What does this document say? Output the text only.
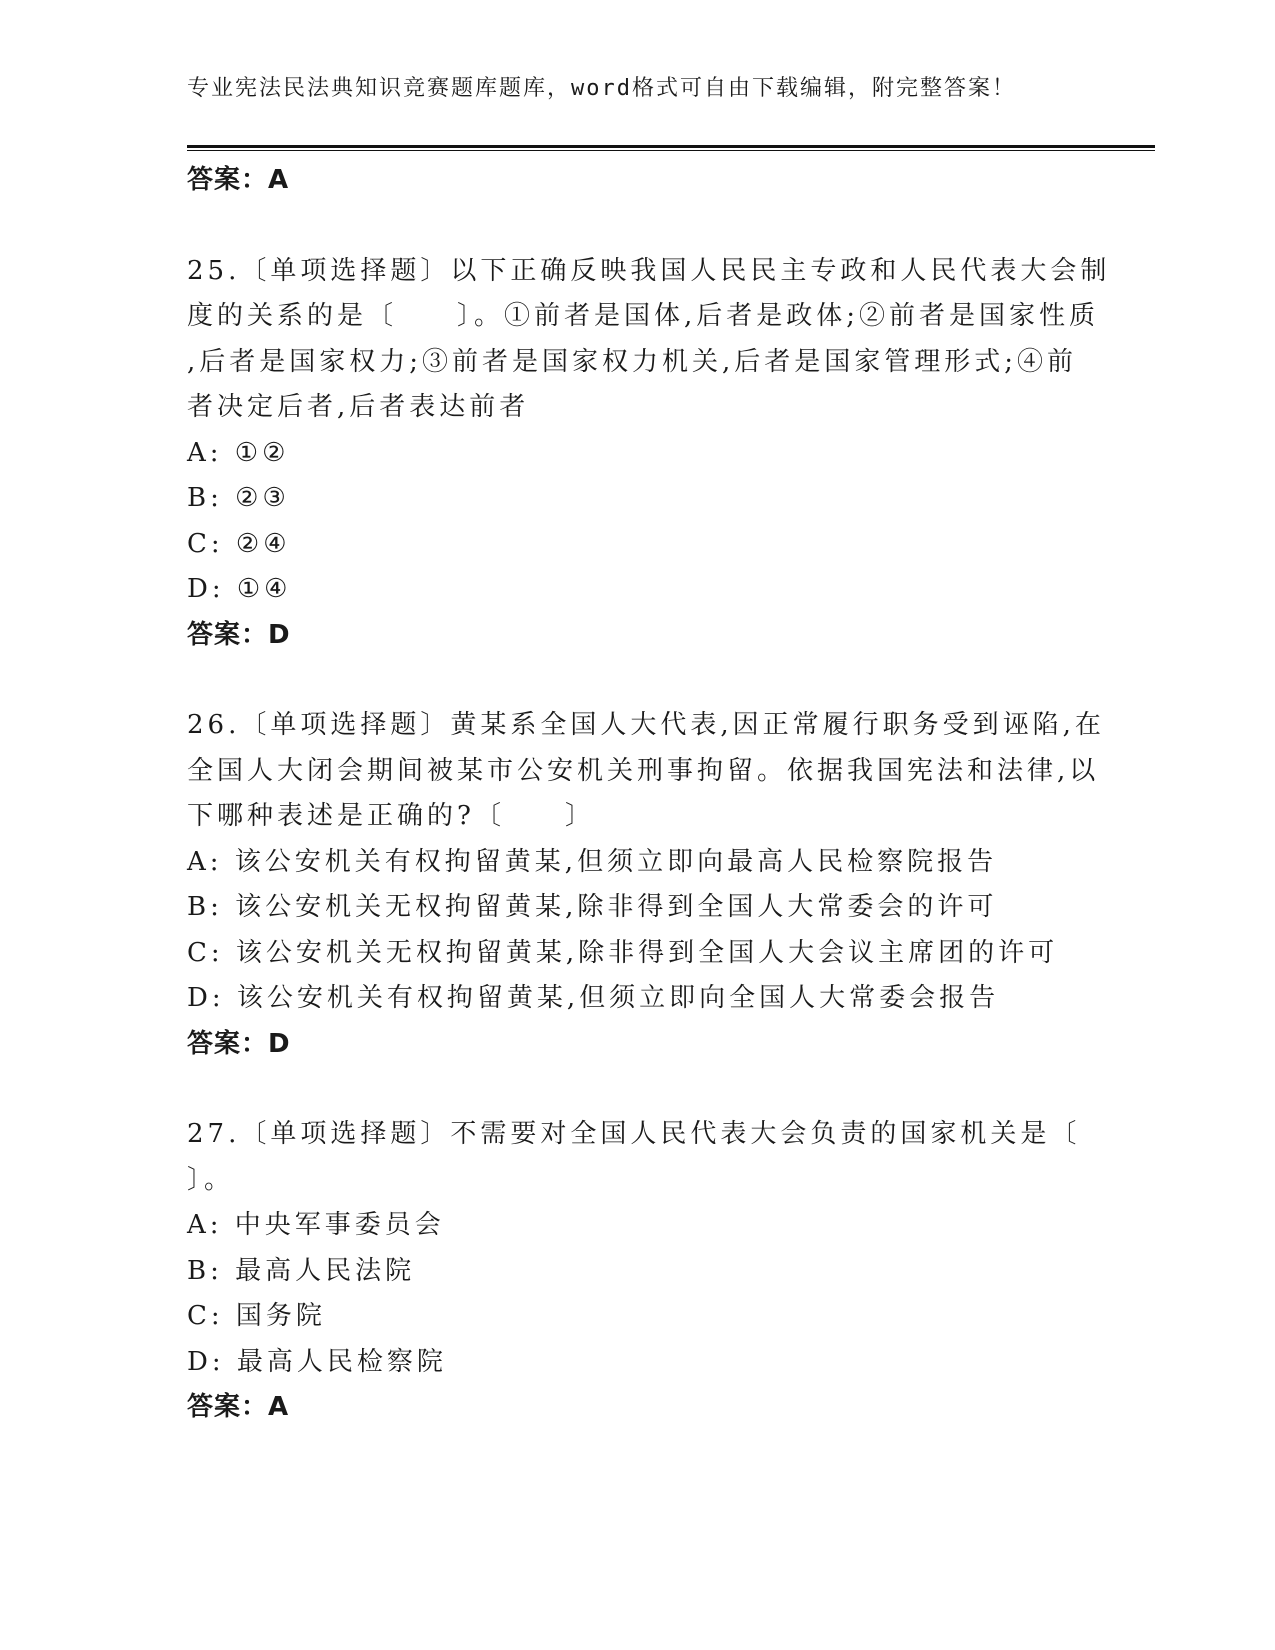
专业宪法民法典知识竞赛题库题库，word格式可自由下载编辑，附完整答案！
答案：A
25.〔单项选择题〕以下正确反映我国人民民主专政和人民代表大会制
度的关系的是〔　　〕。①前者是国体,后者是政体;②前者是国家性质
,后者是国家权力;③前者是国家权力机关,后者是国家管理形式;④前
者决定后者,后者表达前者
A: ①②
B: ②③
C: ②④
D: ①④
答案：D
26.〔单项选择题〕黄某系全国人大代表,因正常履行职务受到诬陷,在
全国人大闭会期间被某市公安机关刑事拘留。依据我国宪法和法律,以
下哪种表述是正确的?〔　　〕
A: 该公安机关有权拘留黄某,但须立即向最高人民检察院报告
B: 该公安机关无权拘留黄某,除非得到全国人大常委会的许可
C: 该公安机关无权拘留黄某,除非得到全国人大会议主席团的许可
D: 该公安机关有权拘留黄某,但须立即向全国人大常委会报告
答案：D
27.〔单项选择题〕不需要对全国人民代表大会负责的国家机关是〔
〕。
A: 中央军事委员会
B: 最高人民法院
C: 国务院
D: 最高人民检察院
答案：A
